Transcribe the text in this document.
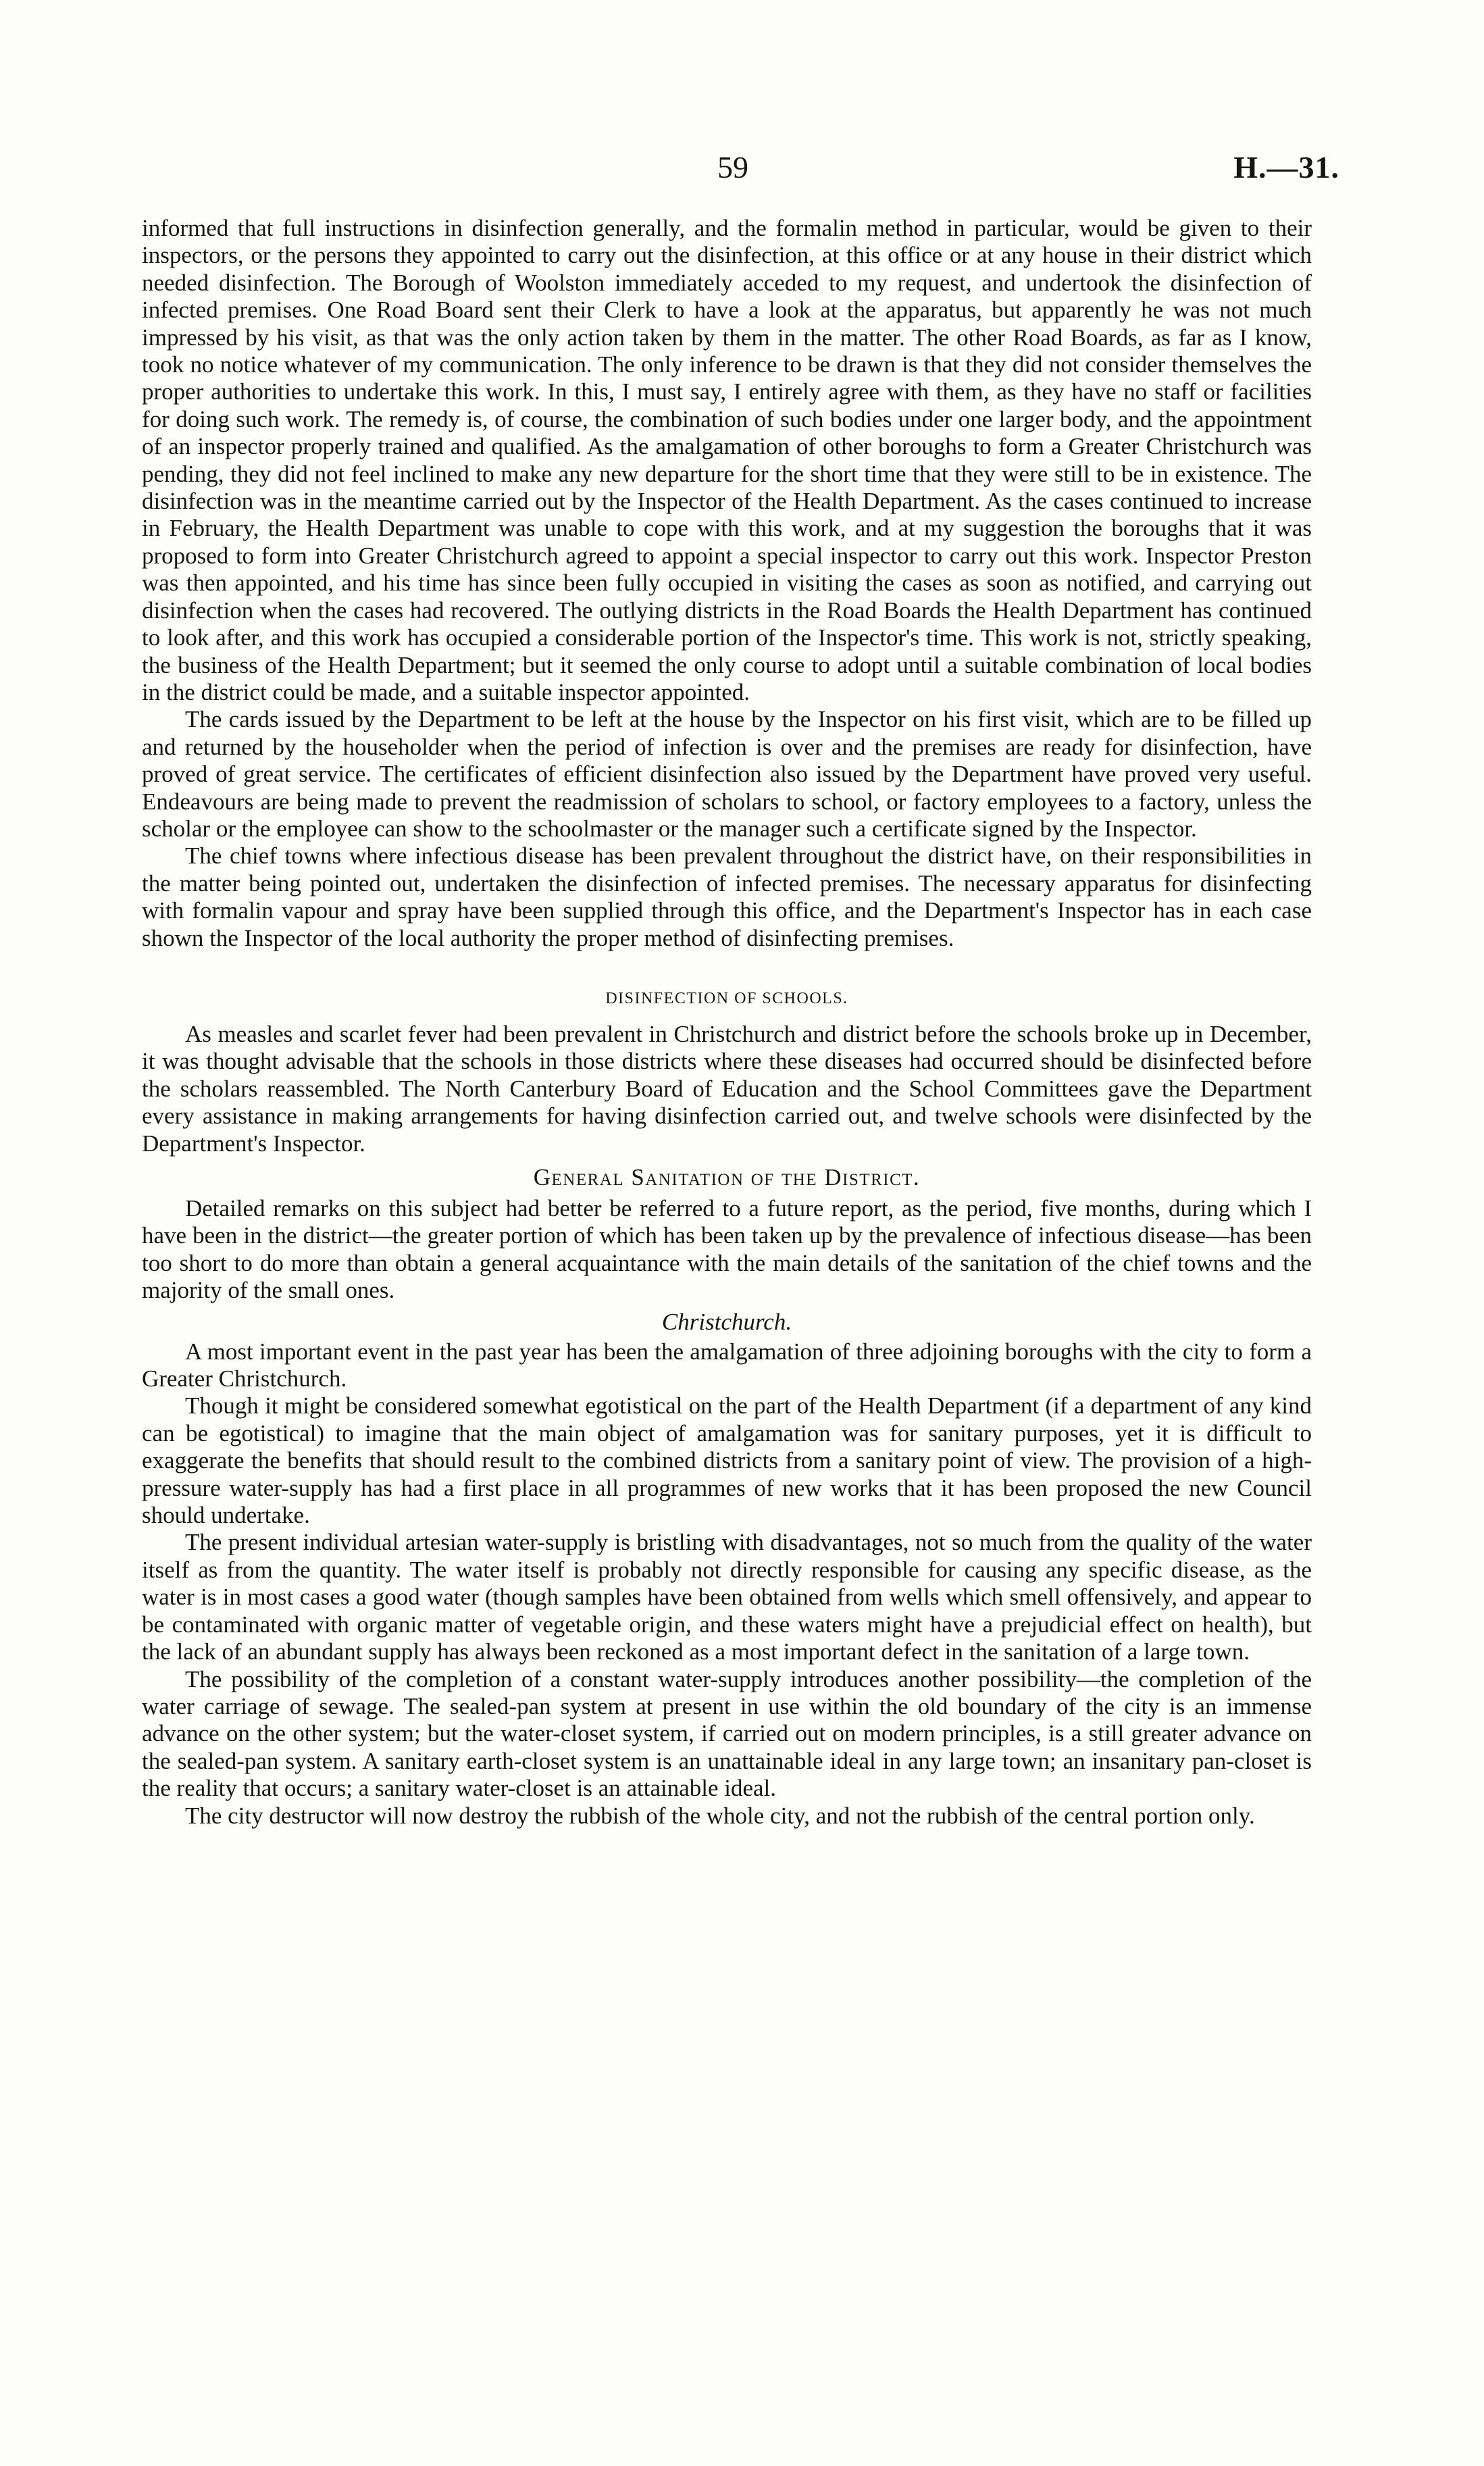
59	H.—31.

informed that full instructions in disinfection generally, and the formalin method in particular, would be given to their inspectors, or the persons they appointed to carry out the disinfection, at this office or at any house in their district which needed disinfection. The Borough of Woolston immediately acceded to my request, and undertook the disinfection of infected premises. One Road Board sent their Clerk to have a look at the apparatus, but apparently he was not much impressed by his visit, as that was the only action taken by them in the matter. The other Road Boards, as far as I know, took no notice whatever of my communication. The only inference to be drawn is that they did not consider themselves the proper authorities to undertake this work. In this, I must say, I entirely agree with them, as they have no staff or facilities for doing such work. The remedy is, of course, the combination of such bodies under one larger body, and the appointment of an inspector properly trained and qualified. As the amalgamation of other boroughs to form a Greater Christchurch was pending, they did not feel inclined to make any new departure for the short time that they were still to be in existence. The disinfection was in the meantime carried out by the Inspector of the Health Department. As the cases continued to increase in February, the Health Department was unable to cope with this work, and at my suggestion the boroughs that it was proposed to form into Greater Christchurch agreed to appoint a special inspector to carry out this work. Inspector Preston was then appointed, and his time has since been fully occupied in visiting the cases as soon as notified, and carrying out disinfection when the cases had recovered. The outlying districts in the Road Boards the Health Department has continued to look after, and this work has occupied a considerable portion of the Inspector's time. This work is not, strictly speaking, the business of the Health Department; but it seemed the only course to adopt until a suitable combination of local bodies in the district could be made, and a suitable inspector appointed.

The cards issued by the Department to be left at the house by the Inspector on his first visit, which are to be filled up and returned by the householder when the period of infection is over and the premises are ready for disinfection, have proved of great service. The certificates of efficient disinfection also issued by the Department have proved very useful. Endeavours are being made to prevent the readmission of scholars to school, or factory employees to a factory, unless the scholar or the employee can show to the schoolmaster or the manager such a certificate signed by the Inspector.

The chief towns where infectious disease has been prevalent throughout the district have, on their responsibilities in the matter being pointed out, undertaken the disinfection of infected premises. The necessary apparatus for disinfecting with formalin vapour and spray have been supplied through this office, and the Department's Inspector has in each case shown the Inspector of the local authority the proper method of disinfecting premises.

DISINFECTION OF SCHOOLS.

As measles and scarlet fever had been prevalent in Christchurch and district before the schools broke up in December, it was thought advisable that the schools in those districts where these diseases had occurred should be disinfected before the scholars reassembled. The North Canterbury Board of Education and the School Committees gave the Department every assistance in making arrangements for having disinfection carried out, and twelve schools were disinfected by the Department's Inspector.

General Sanitation of the District.

Detailed remarks on this subject had better be referred to a future report, as the period, five months, during which I have been in the district—the greater portion of which has been taken up by the prevalence of infectious disease—has been too short to do more than obtain a general acquaintance with the main details of the sanitation of the chief towns and the majority of the small ones.

Christchurch.

A most important event in the past year has been the amalgamation of three adjoining boroughs with the city to form a Greater Christchurch.

Though it might be considered somewhat egotistical on the part of the Health Department (if a department of any kind can be egotistical) to imagine that the main object of amalgamation was for sanitary purposes, yet it is difficult to exaggerate the benefits that should result to the combined districts from a sanitary point of view. The provision of a high-pressure water-supply has had a first place in all programmes of new works that it has been proposed the new Council should undertake.

The present individual artesian water-supply is bristling with disadvantages, not so much from the quality of the water itself as from the quantity. The water itself is probably not directly responsible for causing any specific disease, as the water is in most cases a good water (though samples have been obtained from wells which smell offensively, and appear to be contaminated with organic matter of vegetable origin, and these waters might have a prejudicial effect on health), but the lack of an abundant supply has always been reckoned as a most important defect in the sanitation of a large town.

The possibility of the completion of a constant water-supply introduces another possibility—the completion of the water carriage of sewage. The sealed-pan system at present in use within the old boundary of the city is an immense advance on the other system; but the water-closet system, if carried out on modern principles, is a still greater advance on the sealed-pan system. A sanitary earth-closet system is an unattainable ideal in any large town; an insanitary pan-closet is the reality that occurs; a sanitary water-closet is an attainable ideal.

The city destructor will now destroy the rubbish of the whole city, and not the rubbish of the central portion only.
